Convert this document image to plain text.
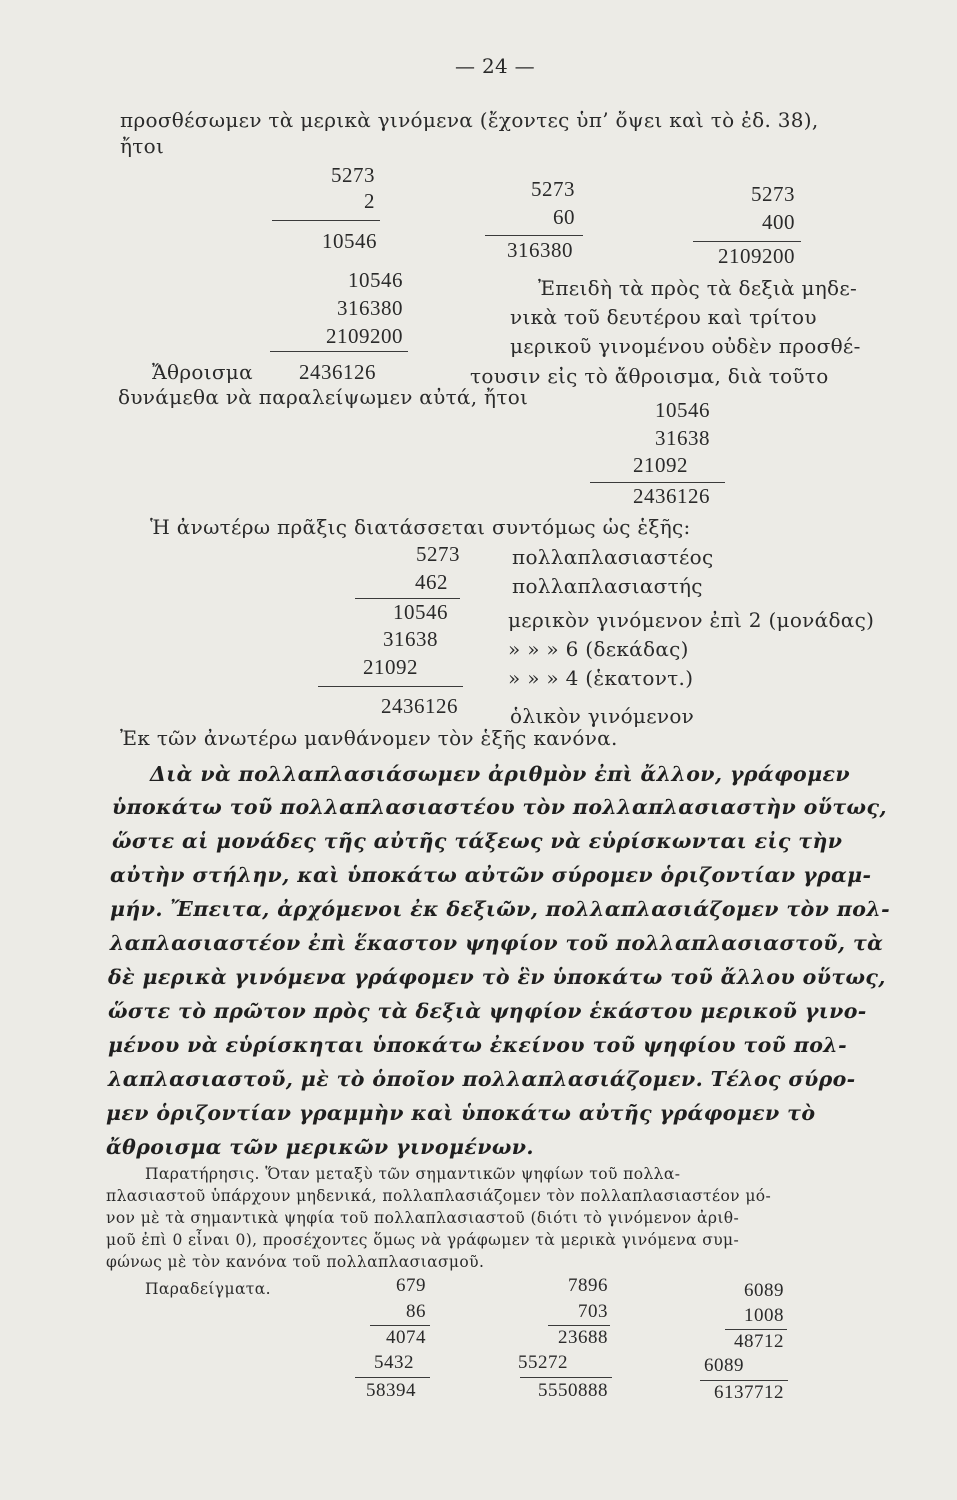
— 24 —
προσθέσωμεν τὰ μερικὰ γινόμενα (ἔχοντες ὑπ’ ὄψει καὶ τὸ ἐδ. 38),
ἤτοι
5273
2
10546
5273
60
316380
5273
400
2109200
10546
316380
2109200
Ἄθροισμα	2436126
Ἐπειδὴ τὰ πρὸς τὰ δεξιὰ μηδε-
νικὰ τοῦ δευτέρου καὶ τρίτου
μερικοῦ γινομένου οὐδὲν προσθέ-
τουσιν εἰς τὸ ἄθροισμα, διὰ τοῦτο
δυνάμεθα νὰ παραλείψωμεν αὐτά, ἤτοι
10546
31638
21092
2436126
Ἡ ἀνωτέρω πρᾶξις διατάσσεται συντόμως ὡς ἑξῆς:
5273	πολλαπλασιαστέος
462	πολλαπλασιαστής
10546	μερικὸν γινόμενον ἐπὶ 2 (μονάδας)
31638	» » » 6 (δεκάδας)
21092	» » » 4 (ἑκατοντ.)
2436126	ὁλικὸν γινόμενον
Ἐκ τῶν ἀνωτέρω μανθάνομεν τὸν ἑξῆς κανόνα.
Διὰ νὰ πολλαπλασιάσωμεν ἀριθμὸν ἐπὶ ἄλλον, γράφομεν
ὑποκάτω τοῦ πολλαπλασιαστέου τὸν πολλαπλασιαστὴν οὕτως,
ὥστε αἱ μονάδες τῆς αὐτῆς τάξεως νὰ εὑρίσκωνται εἰς τὴν
αὐτὴν στήλην, καὶ ὑποκάτω αὐτῶν σύρομεν ὁριζοντίαν γραμ-
μήν. Ἔπειτα, ἀρχόμενοι ἐκ δεξιῶν, πολλαπλασιάζομεν τὸν πολ-
λαπλασιαστέον ἐπὶ ἕκαστον ψηφίον τοῦ πολλαπλασιαστοῦ, τὰ
δὲ μερικὰ γινόμενα γράφομεν τὸ ἓν ὑποκάτω τοῦ ἄλλου οὕτως,
ὥστε τὸ πρῶτον πρὸς τὰ δεξιὰ ψηφίον ἑκάστου μερικοῦ γινο-
μένου νὰ εὑρίσκηται ὑποκάτω ἐκείνου τοῦ ψηφίου τοῦ πολ-
λαπλασιαστοῦ, μὲ τὸ ὁποῖον πολλαπλασιάζομεν. Τέλος σύρο-
μεν ὁριζοντίαν γραμμὴν καὶ ὑποκάτω αὐτῆς γράφομεν τὸ
ἄθροισμα τῶν μερικῶν γινομένων.
Παρατήρησις. Ὅταν μεταξὺ τῶν σημαντικῶν ψηφίων τοῦ πολλα-
πλασιαστοῦ ὑπάρχουν μηδενικά, πολλαπλασιάζομεν τὸν πολλαπλασιαστέον μό-
νον μὲ τὰ σημαντικὰ ψηφία τοῦ πολλαπλασιαστοῦ (διότι τὸ γινόμενον ἀριθ-
μοῦ ἐπὶ 0 εἶναι 0), προσέχοντες ὅμως νὰ γράφωμεν τὰ μερικὰ γινόμενα συμ-
φώνως μὲ τὸν κανόνα τοῦ πολλαπλασιασμοῦ.
Παραδείγματα.	679
86
4074
5432
58394
7896
703
23688
55272
5550888
6089
1008
48712
6089
6137712
